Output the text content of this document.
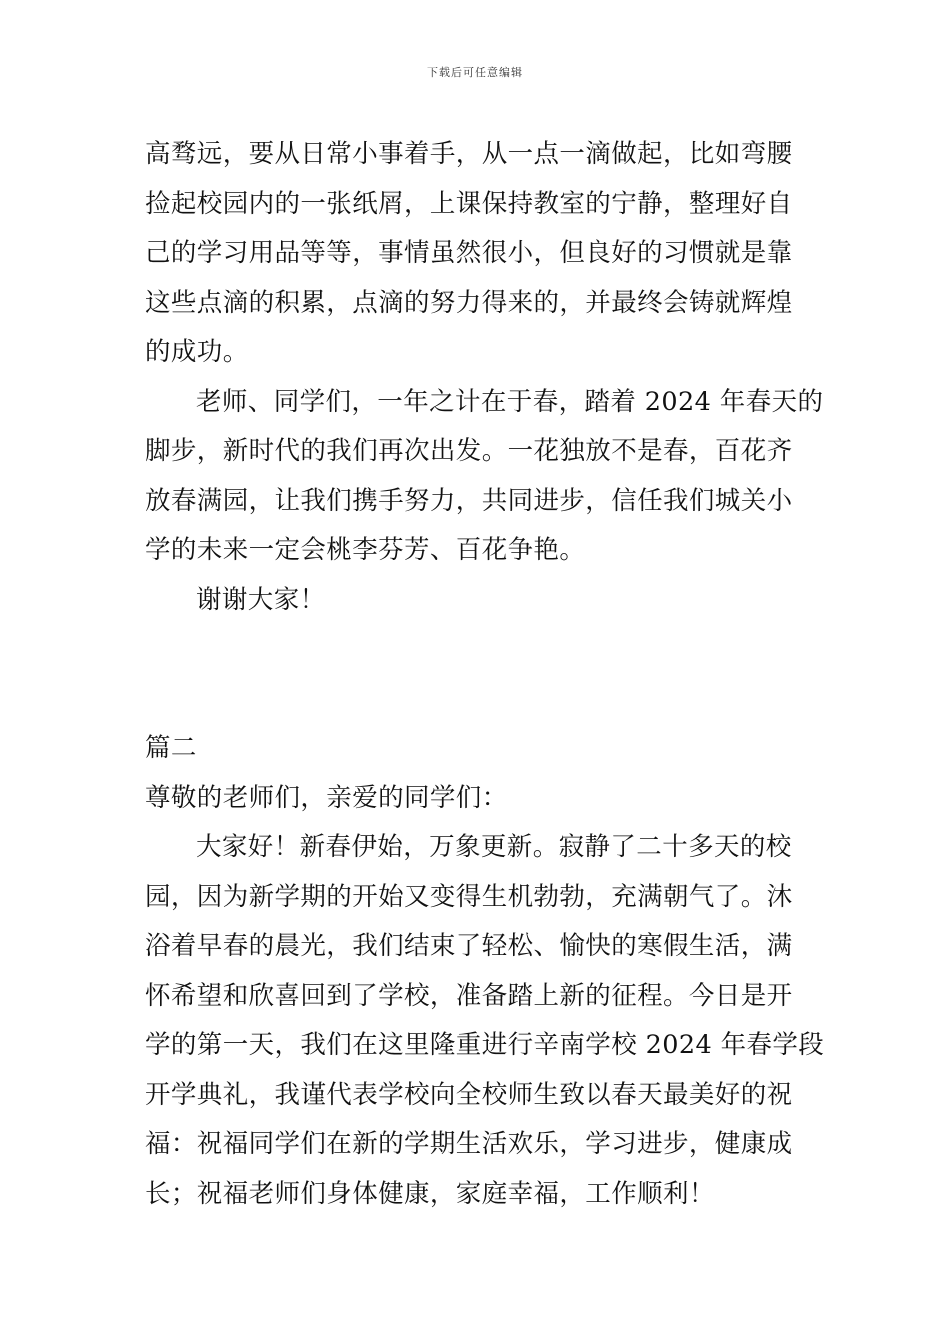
下载后可任意编辑

高骛远，要从日常小事着手，从一点一滴做起，比如弯腰
捡起校园内的一张纸屑，上课保持教室的宁静，整理好自
己的学习用品等等，事情虽然很小，但良好的习惯就是靠
这些点滴的积累，点滴的努力得来的，并最终会铸就辉煌
的成功。

老师、同学们，一年之计在于春，踏着 2024 年春天的
脚步，新时代的我们再次出发。一花独放不是春，百花齐
放春满园，让我们携手努力，共同进步，信任我们城关小
学的未来一定会桃李芬芳、百花争艳。

谢谢大家！

篇二

尊敬的老师们，亲爱的同学们：

大家好！新春伊始，万象更新。寂静了二十多天的校
园，因为新学期的开始又变得生机勃勃，充满朝气了。沐
浴着早春的晨光，我们结束了轻松、愉快的寒假生活，满
怀希望和欣喜回到了学校，准备踏上新的征程。今日是开
学的第一天，我们在这里隆重进行辛南学校 2024 年春学段
开学典礼，我谨代表学校向全校师生致以春天最美好的祝
福：祝福同学们在新的学期生活欢乐，学习进步，健康成
长；祝福老师们身体健康，家庭幸福，工作顺利！
